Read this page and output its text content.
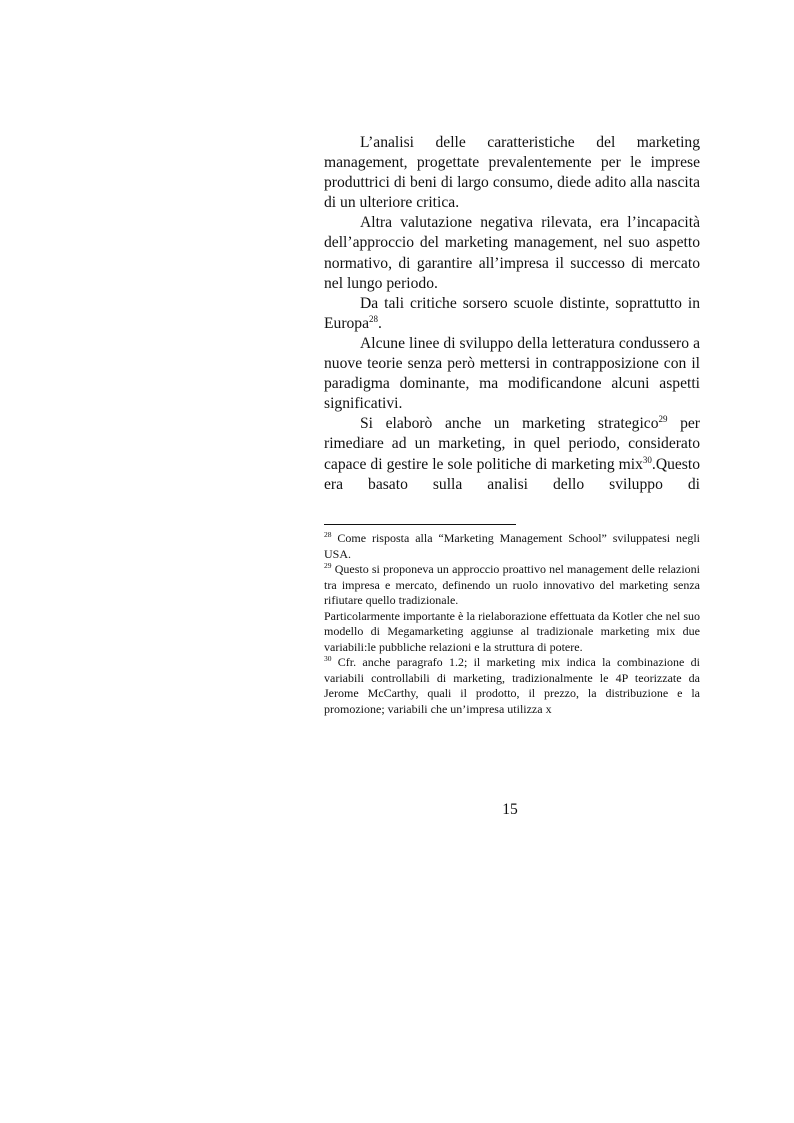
L’analisi delle caratteristiche del marketing management, progettate prevalentemente per le imprese produttrici di beni di largo consumo, diede adito alla nascita di un ulteriore critica.

Altra valutazione negativa rilevata, era l’incapacità dell’approccio del marketing management, nel suo aspetto normativo, di garantire all’impresa il successo di mercato nel lungo periodo.

Da tali critiche sorsero scuole distinte, soprattutto in Europa$^{28}$.

Alcune linee di sviluppo della letteratura condussero a nuove teorie senza però mettersi in contrapposizione con il paradigma dominante, ma modificandone alcuni aspetti significativi.

Si elaborò anche un marketing strategico$^{29}$ per rimediare ad un marketing, in quel periodo, considerato capace di gestire le sole politiche di marketing mix$^{30}$.Questo era basato sulla analisi dello sviluppo di

$^{28}$ Come risposta alla “Marketing Management School” sviluppatesi negli USA.

$^{29}$ Questo si proponeva un approccio proattivo nel management delle relazioni tra impresa e mercato, definendo un ruolo innovativo del marketing senza rifiutare quello tradizionale.

Particolarmente importante è la rielaborazione effettuata da Kotler che nel suo modello di Megamarketing aggiunse al tradizionale marketing mix due variabili:le pubbliche relazioni e la struttura di potere.

$^{30}$ Cfr. anche paragrafo 1.2; il marketing mix indica la combinazione di variabili controllabili di marketing, tradizionalmente le 4P teorizzate da Jerome McCarthy, quali il prodotto, il prezzo, la distribuzione e la promozione; variabili che un’impresa utilizza x

15
